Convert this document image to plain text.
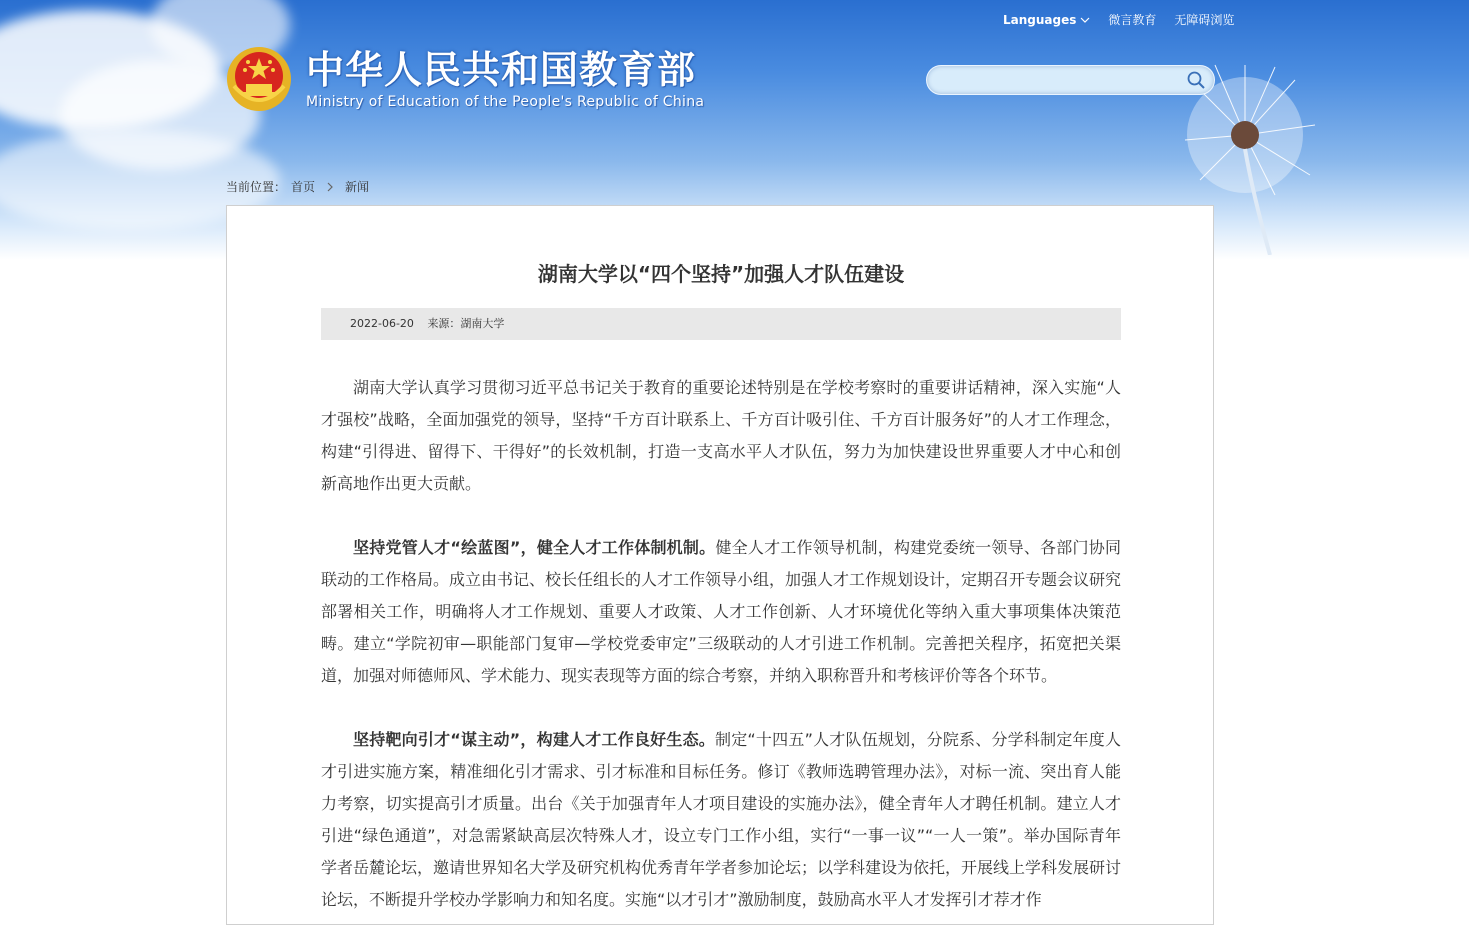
Languages	微言教育 无障碍浏览
中华人民共和国教育部
Ministry of Education of the People's Republic of China
当前位置： 首页	新闻
湖南大学以“四个坚持”加强人才队伍建设
2022-06-20 来源：湖南大学

湖南大学认真学习贯彻习近平总书记关于教育的重要论述特别是在学校考察时的重要讲话精神，深入实施“人才强校”战略，全面加强党的领导，坚持“千方百计联系上、千方百计吸引住、千方百计服务好”的人才工作理念，构建“引得进、留得下、干得好”的长效机制，打造一支高水平人才队伍，努力为加快建设世界重要人才中心和创新高地作出更大贡献。

坚持党管人才“绘蓝图”，健全人才工作体制机制。健全人才工作领导机制，构建党委统一领导、各部门协同联动的工作格局。成立由书记、校长任组长的人才工作领导小组，加强人才工作规划设计，定期召开专题会议研究部署相关工作，明确将人才工作规划、重要人才政策、人才工作创新、人才环境优化等纳入重大事项集体决策范畴。建立“学院初审—职能部门复审—学校党委审定”三级联动的人才引进工作机制。完善把关程序，拓宽把关渠道，加强对师德师风、学术能力、现实表现等方面的综合考察，并纳入职称晋升和考核评价等各个环节。

坚持靶向引才“谋主动”，构建人才工作良好生态。制定“十四五”人才队伍规划，分院系、分学科制定年度人才引进实施方案，精准细化引才需求、引才标准和目标任务。修订《教师选聘管理办法》，对标一流、突出育人能力考察，切实提高引才质量。出台《关于加强青年人才项目建设的实施办法》，健全青年人才聘任机制。建立人才引进“绿色通道”，对急需紧缺高层次特殊人才，设立专门工作小组，实行“一事一议”“一人一策”。举办国际青年学者岳麓论坛，邀请世界知名大学及研究机构优秀青年学者参加论坛；以学科建设为依托，开展线上学科发展研讨论坛，不断提升学校办学影响力和知名度。实施“以才引才”激励制度，鼓励高水平人才发挥引才荐才作
